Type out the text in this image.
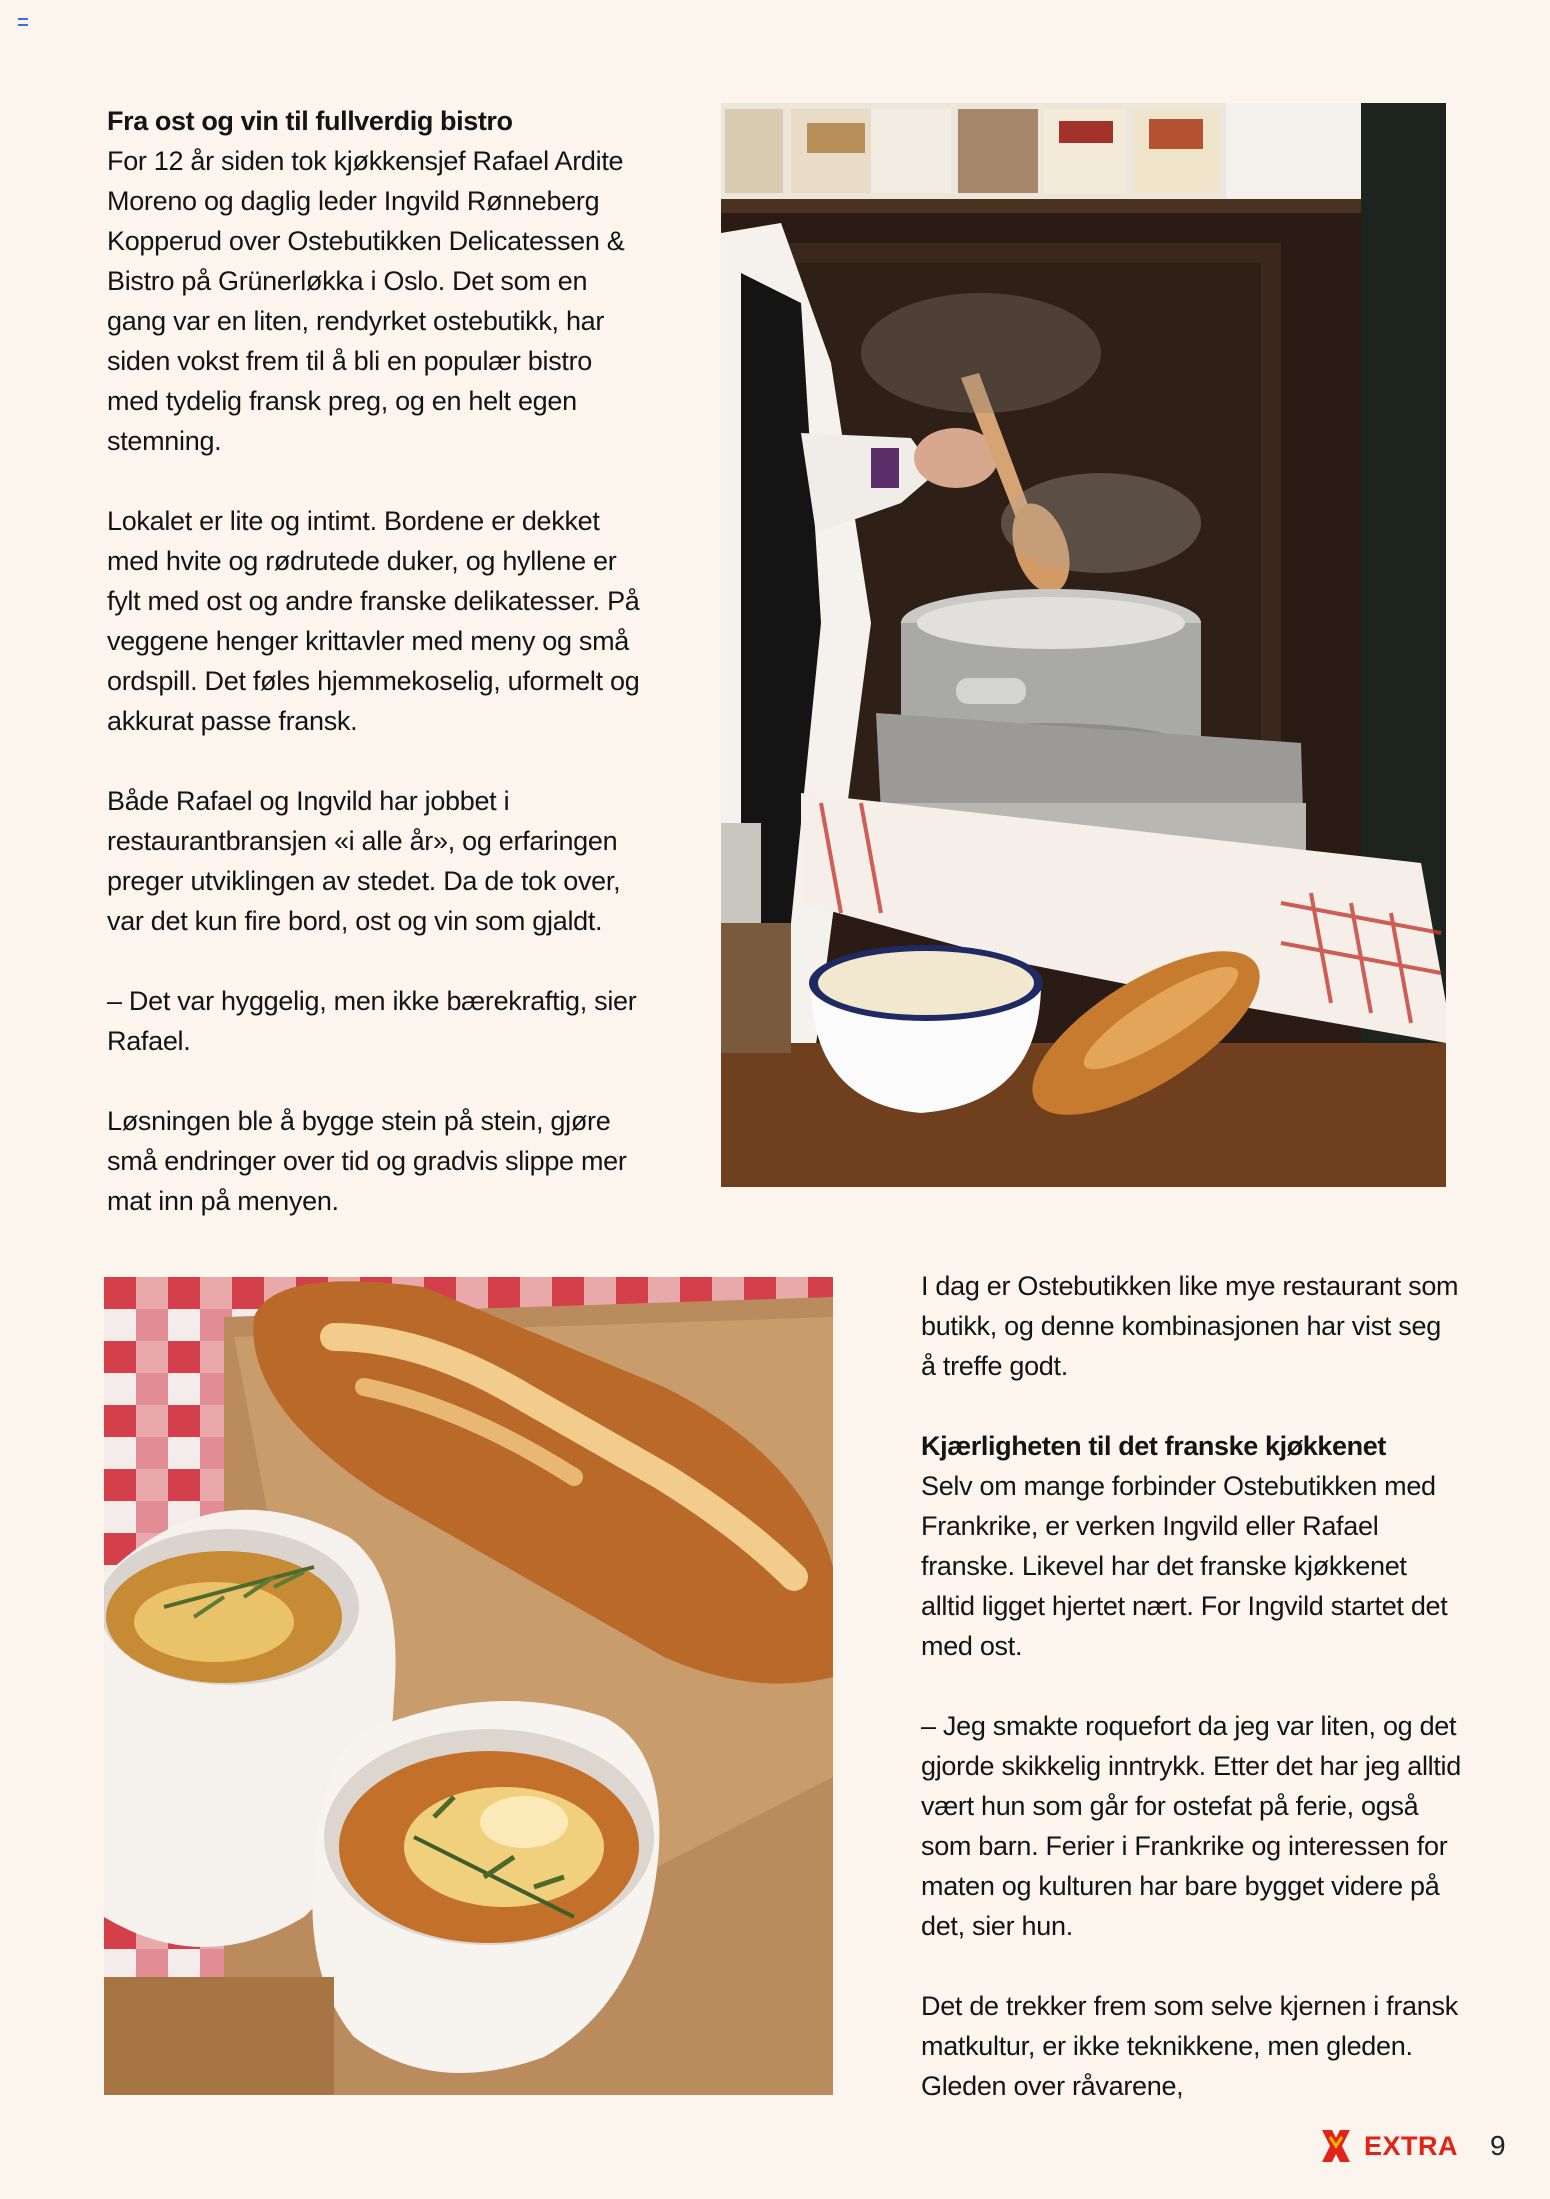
Fra ost og vin til fullverdig bistro

For 12 år siden tok kjøkkensjef Rafael Ardite Moreno og daglig leder Ingvild Rønneberg Kopperud over Ostebutikken Delicatessen & Bistro på Grünerløkka i Oslo. Det som en gang var en liten, rendyrket ostebutikk, har siden vokst frem til å bli en populær bistro med tydelig fransk preg, og en helt egen stemning.

Lokalet er lite og intimt. Bordene er dekket med hvite og rødrutede duker, og hyllene er fylt med ost og andre franske delikatesser. På veggene henger krittavler med meny og små ordspill. Det føles hjemmekoselig, uformelt og akkurat passe fransk.

Både Rafael og Ingvild har jobbet i restaurantbransjen «i alle år», og erfaringen preger utviklingen av stedet. Da de tok over, var det kun fire bord, ost og vin som gjaldt.

– Det var hyggelig, men ikke bærekraftig, sier Rafael.

Løsningen ble å bygge stein på stein, gjøre små endringer over tid og gradvis slippe mer mat inn på menyen.

I dag er Ostebutikken like mye restaurant som butikk, og denne kombinasjonen har vist seg å treffe godt.

Kjærligheten til det franske kjøkkenet

Selv om mange forbinder Ostebutikken med Frankrike, er verken Ingvild eller Rafael franske. Likevel har det franske kjøkkenet alltid ligget hjertet nært. For Ingvild startet det med ost.

– Jeg smakte roquefort da jeg var liten, og det gjorde skikkelig inntrykk. Etter det har jeg alltid vært hun som går for ostefat på ferie, også som barn. Ferier i Frankrike og interessen for maten og kulturen har bare bygget videre på det, sier hun.

Det de trekker frem som selve kjernen i fransk matkultur, er ikke teknikkene, men gleden. Gleden over råvarene,

EXTRA 9
